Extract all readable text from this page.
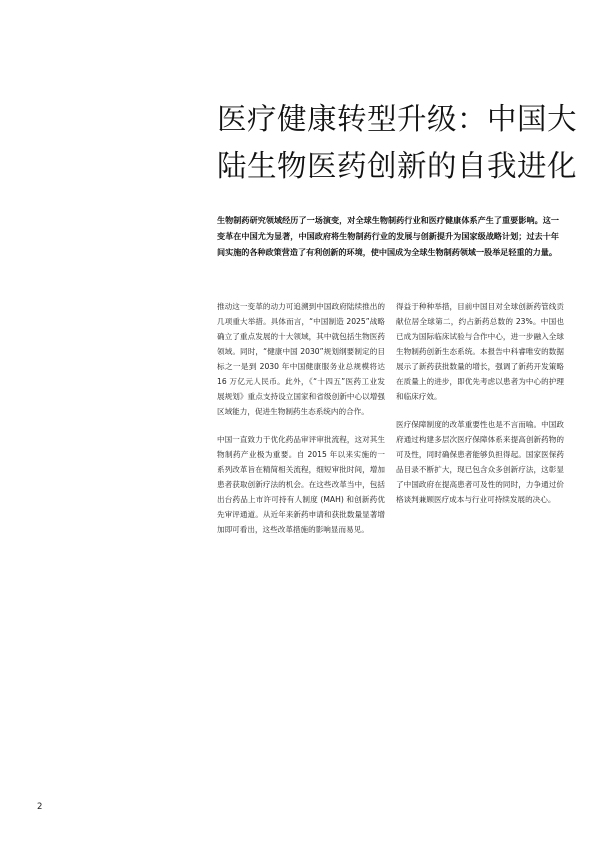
医疗健康转型升级：中国大
陆生物医药创新的自我进化

生物制药研究领域经历了一场演变，对全球生物制药行业和医疗健康体系产生了重要影响。这一变革在中国尤为显著，中国政府将生物制药行业的发展与创新提升为国家级战略计划；过去十年间实施的各种政策营造了有利创新的环境，使中国成为全球生物制药领域一股举足轻重的力量。

推动这一变革的动力可追溯到中国政府陆续推出的几项重大举措。具体而言，“中国制造 2025”战略确立了重点发展的十大领域，其中就包括生物医药领域。同时，“健康中国 2030”规划纲要制定的目标之一是到 2030 年中国健康服务业总规模将达 16 万亿元人民币。此外，《“十四五”医药工业发展规划》重点支持设立国家和省级创新中心以增强区域能力，促进生物制药生态系统内的合作。

中国一直致力于优化药品审评审批流程，这对其生物制药产业极为重要。自 2015 年以来实施的一系列改革旨在精简相关流程，细短审批时间，增加患者获取创新疗法的机会。在这些改革当中，包括出台药品上市许可持有人制度 (MAH) 和创新药优先审评通道。从近年来新药申请和获批数量显著增加即可看出，这些改革措施的影响显而易见。

得益于种种举措，目前中国目对全球创新药管线贡献位居全球第二，约占新药总数的 23%。中国也已成为国际临床试验与合作中心，进一步融入全球生物制药创新生态系统。本报告中科睿唯安的数据展示了新药获批数量的增长，强调了新药开发策略在质量上的进步，即优先考虑以患者为中心的护理和临床疗效。

医疗保障制度的改革重要性也是不言而喻。中国政府通过构建多层次医疗保障体系来提高创新药物的可及性，同时确保患者能够负担得起。国家医保药品目录不断扩大，现已包含众多创新疗法，这彰显了中国政府在提高患者可及性的同时，力争通过价格谈判兼顾医疗成本与行业可持续发展的决心。

2
